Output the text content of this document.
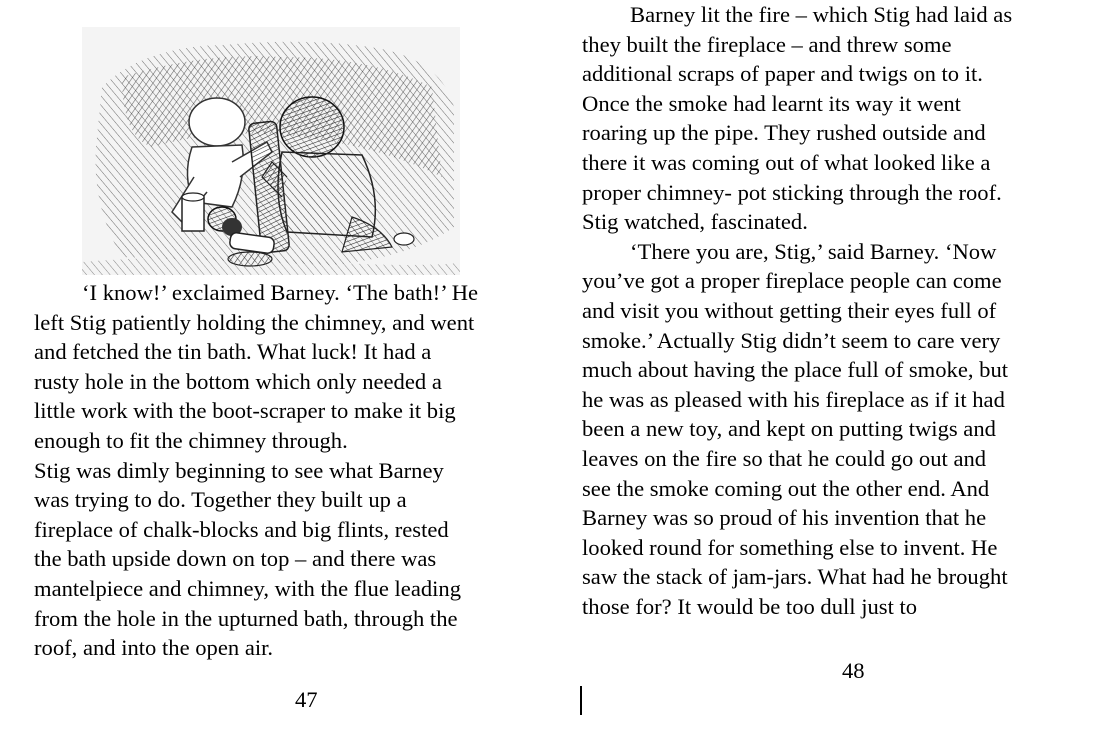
‘I know!’ exclaimed Barney. ‘The bath!’ He
left Stig patiently holding the chimney, and went
and fetched the tin bath. What luck! It had a
rusty hole in the bottom which only needed a
little work with the boot-scraper to make it big
enough to fit the chimney through.
Stig was dimly beginning to see what Barney
was trying to do. Together they built up a
fireplace of chalk-blocks and big flints, rested
the bath upside down on top – and there was
mantelpiece and chimney, with the flue leading
from the hole in the upturned bath, through the
roof, and into the open air.
47
Barney lit the fire – which Stig had laid as
they built the fireplace – and threw some
additional scraps of paper and twigs on to it.
Once the smoke had learnt its way it went
roaring up the pipe. They rushed outside and
there it was coming out of what looked like a
proper chimney- pot sticking through the roof.
Stig watched, fascinated.
‘There you are, Stig,’ said Barney. ‘Now
you’ve got a proper fireplace people can come
and visit you without getting their eyes full of
smoke.’ Actually Stig didn’t seem to care very
much about having the place full of smoke, but
he was as pleased with his fireplace as if it had
been a new toy, and kept on putting twigs and
leaves on the fire so that he could go out and
see the smoke coming out the other end. And
Barney was so proud of his invention that he
looked round for something else to invent. He
saw the stack of jam-jars. What had he brought
those for? It would be too dull just to
48
